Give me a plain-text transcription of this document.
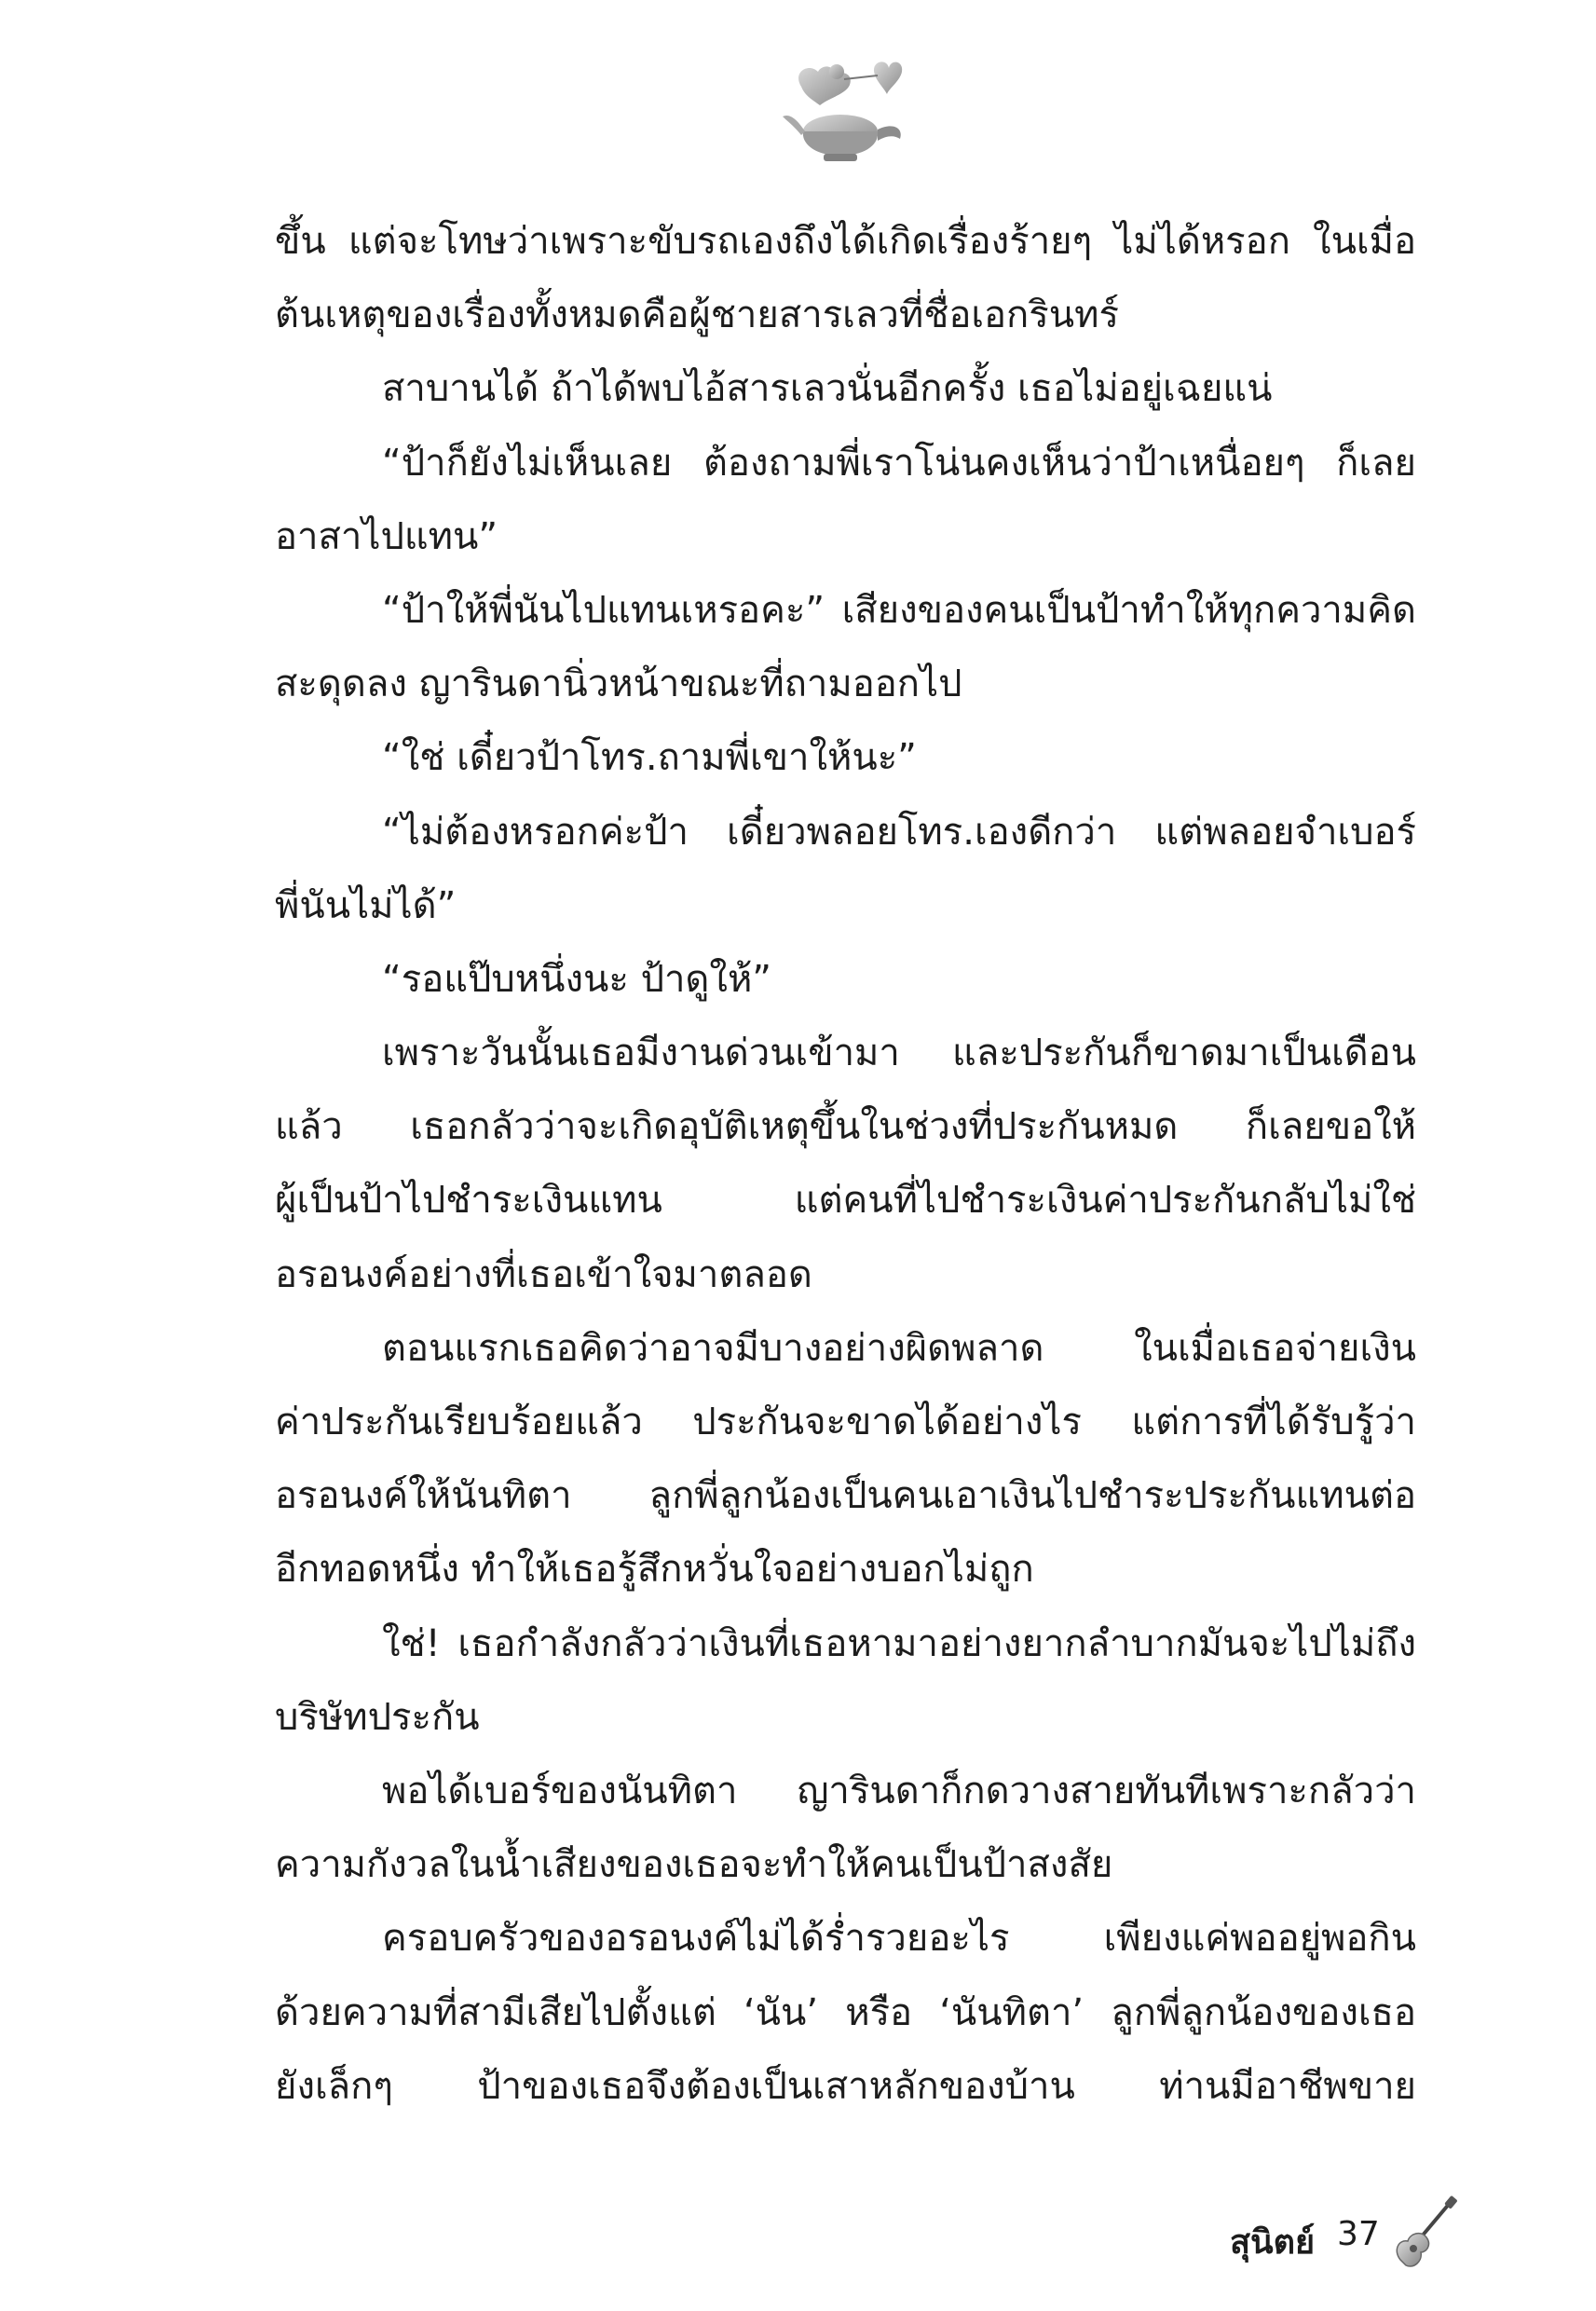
ขึ้น แต่จะโทษว่าเพราะขับรถเองถึงได้เกิดเรื่องร้ายๆ ไม่ได้หรอก ในเมื่อ
ต้นเหตุของเรื่องทั้งหมดคือผู้ชายสารเลวที่ชื่อเอกรินทร์
สาบานได้ ถ้าได้พบไอ้สารเลวนั่นอีกครั้ง เธอไม่อยู่เฉยแน่
“ป้าก็ยังไม่เห็นเลย ต้องถามพี่เราโน่นคงเห็นว่าป้าเหนื่อยๆ ก็เลย
อาสาไปแทน”
“ป้าให้พี่นันไปแทนเหรอคะ” เสียงของคนเป็นป้าทำให้ทุกความคิด
สะดุดลง ญารินดานิ่วหน้าขณะที่ถามออกไป
“ใช่ เดี๋ยวป้าโทร.ถามพี่เขาให้นะ”
“ไม่ต้องหรอกค่ะป้า เดี๋ยวพลอยโทร.เองดีกว่า แต่พลอยจำเบอร์
พี่นันไม่ได้”
“รอแป๊บหนึ่งนะ ป้าดูให้”
เพราะวันนั้นเธอมีงานด่วนเข้ามา และประกันก็ขาดมาเป็นเดือน
แล้ว เธอกลัวว่าจะเกิดอุบัติเหตุขึ้นในช่วงที่ประกันหมด ก็เลยขอให้
ผู้เป็นป้าไปชำระเงินแทน แต่คนที่ไปชำระเงินค่าประกันกลับไม่ใช่
อรอนงค์อย่างที่เธอเข้าใจมาตลอด
ตอนแรกเธอคิดว่าอาจมีบางอย่างผิดพลาด ในเมื่อเธอจ่ายเงิน
ค่าประกันเรียบร้อยแล้ว ประกันจะขาดได้อย่างไร แต่การที่ได้รับรู้ว่า
อรอนงค์ให้นันทิตา ลูกพี่ลูกน้องเป็นคนเอาเงินไปชำระประกันแทนต่อ
อีกทอดหนึ่ง ทำให้เธอรู้สึกหวั่นใจอย่างบอกไม่ถูก
ใช่! เธอกำลังกลัวว่าเงินที่เธอหามาอย่างยากลำบากมันจะไปไม่ถึง
บริษัทประกัน
พอได้เบอร์ของนันทิตา ญารินดาก็กดวางสายทันทีเพราะกลัวว่า
ความกังวลในน้ำเสียงของเธอจะทำให้คนเป็นป้าสงสัย
ครอบครัวของอรอนงค์ไม่ได้ร่ำรวยอะไร เพียงแค่พออยู่พอกิน
ด้วยความที่สามีเสียไปตั้งแต่ ‘นัน’ หรือ ‘นันทิตา’ ลูกพี่ลูกน้องของเธอ
ยังเล็กๆ ป้าของเธอจึงต้องเป็นเสาหลักของบ้าน ท่านมีอาชีพขาย
สุนิตย์ 37
